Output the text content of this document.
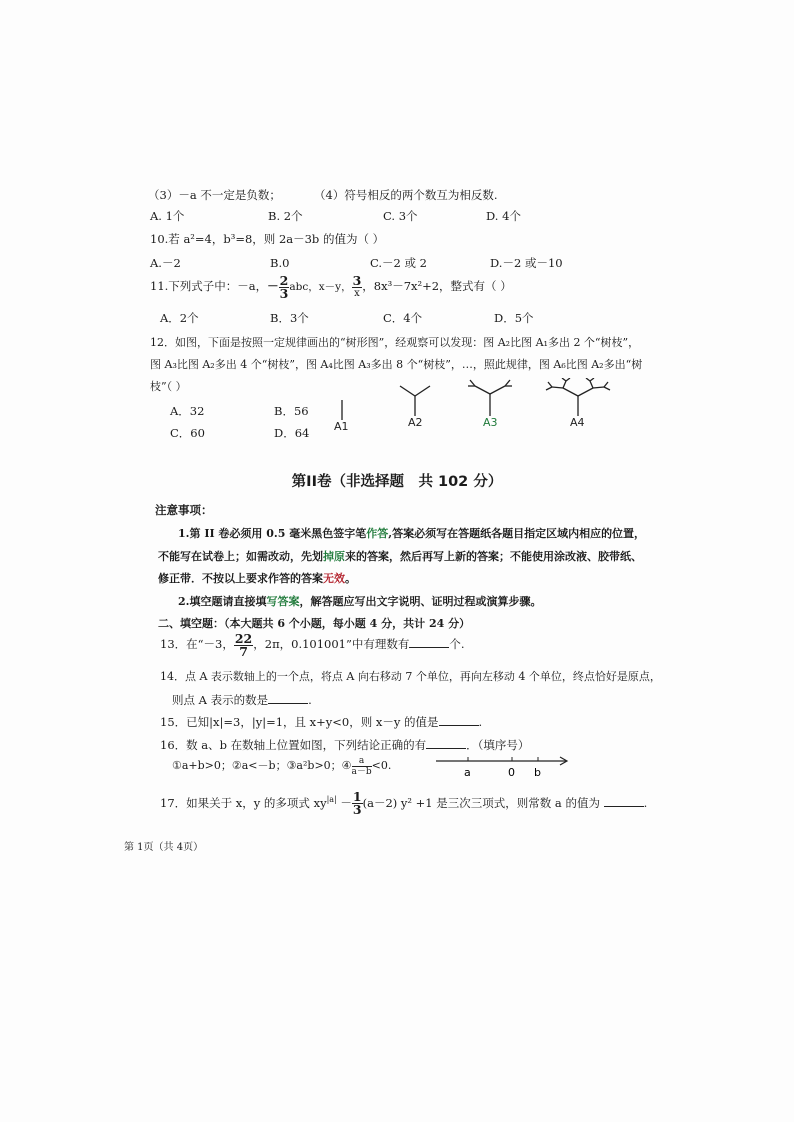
（3）－a 不一定是负数；	（4）符号相反的两个数互为相反数.
A. 1个	B. 2个	C. 3个	D. 4个
10.若 a²=4，b³=8，则 2a－3b 的值为（ ）
A.－2	B.0	C.－2 或 2	D.－2 或－10
11.下列式子中：－a，－ $\frac{2}{3}$ abc，x－y， $\frac{3}{x}$ ，8x³－7x²+2，整式有（ ）
A．2个	B．3个	C．4个	D．5个
12．如图，下面是按照一定规律画出的“树形图”，经观察可以发现：图 A₂比图 A₁多出 2 个“树枝”，
图 A₃比图 A₂多出 4 个“树枝”，图 A₄比图 A₃多出 8 个“树枝”，…，照此规律，图 A₆比图 A₂多出“树
枝”（ ）
A．32	B．56
C．60	D．64 A1	A2	A3	A4
第II卷（非选择题　共 102 分）
注意事项：
1.第 II 卷必须用 0.5 毫米黑色签字笔作答,答案必须写在答题纸各题目指定区域内相应的位置，
不能写在试卷上；如需改动，先划掉原来的答案，然后再写上新的答案；不能使用涂改液、胶带纸、
修正带．不按以上要求作答的答案无效。
2.填空题请直接填写答案，解答题应写出文字说明、证明过程或演算步骤。
二、填空题：（本大题共 6 个小题，每小题 4 分，共计 24 分）
13．在“－3， $\frac{22}{7}$ ，2π，0.101001”中有理数有	个.
14．点 A 表示数轴上的一个点，将点 A 向右移动 7 个单位，再向左移动 4 个单位，终点恰好是原点，
则点 A 表示的数是	.
15．已知|x|=3，|y|=1，且 x+y<0，则 x－y 的值是	.
16．数 a、b 在数轴上位置如图，下列结论正确的有	．（填序号）
①a+b>0；②a<－b；③a²b>0；④ $\frac{a}{a-b} <0$.
a	0 b
17．如果关于 x，y 的多项式 $xy^{|a|} - \frac{1}{3} (a-2)$ y² +1 是三次三项式，则常数 a 的值为	.
第 1页（共 4页）
